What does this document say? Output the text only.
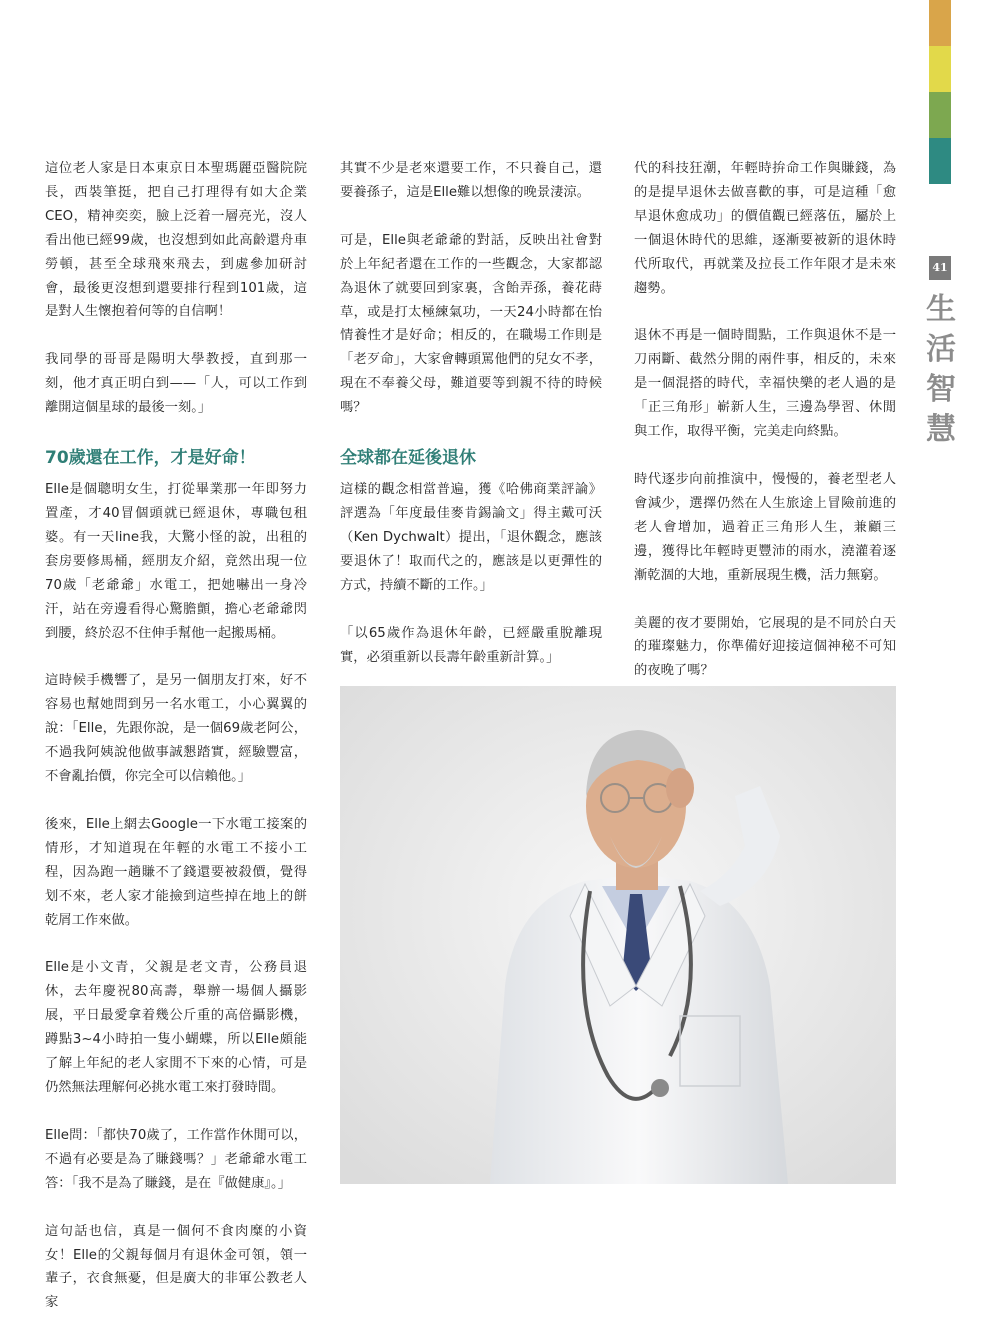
41
生活智慧

這位老人家是日本東京日本聖瑪麗亞醫院院長，西裝筆挺，把自己打理得有如大企業CEO，精神奕奕，臉上泛着一層亮光，沒人看出他已經99歲，也沒想到如此高齡還舟車勞頓，甚至全球飛來飛去，到處參加研討會，最後更沒想到還要排行程到101歲，這是對人生懷抱着何等的自信啊！

我同學的哥哥是陽明大學教授，直到那一刻，他才真正明白到——「人，可以工作到離開這個星球的最後一刻。」

70歲還在工作，才是好命！

Elle是個聰明女生，打從畢業那一年即努力置產，才40冒個頭就已經退休，專職包租婆。有一天line我，大驚小怪的說，出租的套房要修馬桶，經朋友介紹，竟然出現一位70歲「老爺爺」水電工，把她嚇出一身冷汗，站在旁邊看得心驚膽顫，擔心老爺爺閃到腰，終於忍不住伸手幫他一起搬馬桶。

這時候手機響了，是另一個朋友打來，好不容易也幫她問到另一名水電工，小心翼翼的說：「Elle，先跟你說，是一個69歲老阿公，不過我阿姨說他做事誠懇踏實，經驗豐富，不會亂抬價，你完全可以信賴他。」

後來，Elle上網去Google一下水電工接案的情形，才知道現在年輕的水電工不接小工程，因為跑一趟賺不了錢還要被殺價，覺得划不來，老人家才能撿到這些掉在地上的餅乾屑工作來做。

Elle是小文青，父親是老文青，公務員退休，去年慶祝80高壽，舉辦一場個人攝影展，平日最愛拿着幾公斤重的高倍攝影機，蹲點3~4小時拍一隻小蝴蝶，所以Elle頗能了解上年紀的老人家閒不下來的心情，可是仍然無法理解何必挑水電工來打發時間。

Elle問：「都快70歲了，工作當作休閒可以，不過有必要是為了賺錢嗎？」老爺爺水電工答：「我不是為了賺錢，是在『做健康』。」

這句話也信，真是一個何不食肉糜的小資女！Elle的父親每個月有退休金可領，領一輩子，衣食無憂，但是廣大的非軍公教老人家

其實不少是老來還要工作，不只養自己，還要養孫子，這是Elle難以想像的晚景淒涼。

可是，Elle與老爺爺的對話，反映出社會對於上年紀者還在工作的一些觀念，大家都認為退休了就要回到家裏，含飴弄孫，養花蒔草，或是打太極練氣功，一天24小時都在怡情養性才是好命；相反的，在職場工作則是「老歹命」，大家會轉頭罵他們的兒女不孝，現在不奉養父母，難道要等到親不待的時候嗎？

全球都在延後退休

這樣的觀念相當普遍，獲《哈佛商業評論》評選為「年度最佳麥肯錫論文」得主戴可沃（Ken Dychwalt）提出，「退休觀念，應該要退休了！取而代之的，應該是以更彈性的方式，持續不斷的工作。」

「以65歲作為退休年齡，已經嚴重脫離現實，必須重新以長壽年齡重新計算。」

代的科技狂潮，年輕時拚命工作與賺錢，為的是提早退休去做喜歡的事，可是這種「愈早退休愈成功」的價值觀已經落伍，屬於上一個退休時代的思維，逐漸要被新的退休時代所取代，再就業及拉長工作年限才是未來趨勢。

退休不再是一個時間點，工作與退休不是一刀兩斷、截然分開的兩件事，相反的，未來是一個混搭的時代，幸福快樂的老人過的是「正三角形」嶄新人生，三邊為學習、休閒與工作，取得平衡，完美走向終點。

時代逐步向前推演中，慢慢的，養老型老人會減少，選擇仍然在人生旅途上冒險前進的老人會增加，過着正三角形人生，兼顧三邊，獲得比年輕時更豐沛的雨水，澆灌着逐漸乾涸的大地，重新展現生機，活力無窮。

美麗的夜才要開始，它展現的是不同於白天的璀璨魅力，你準備好迎接這個神秘不可知的夜晚了嗎？
